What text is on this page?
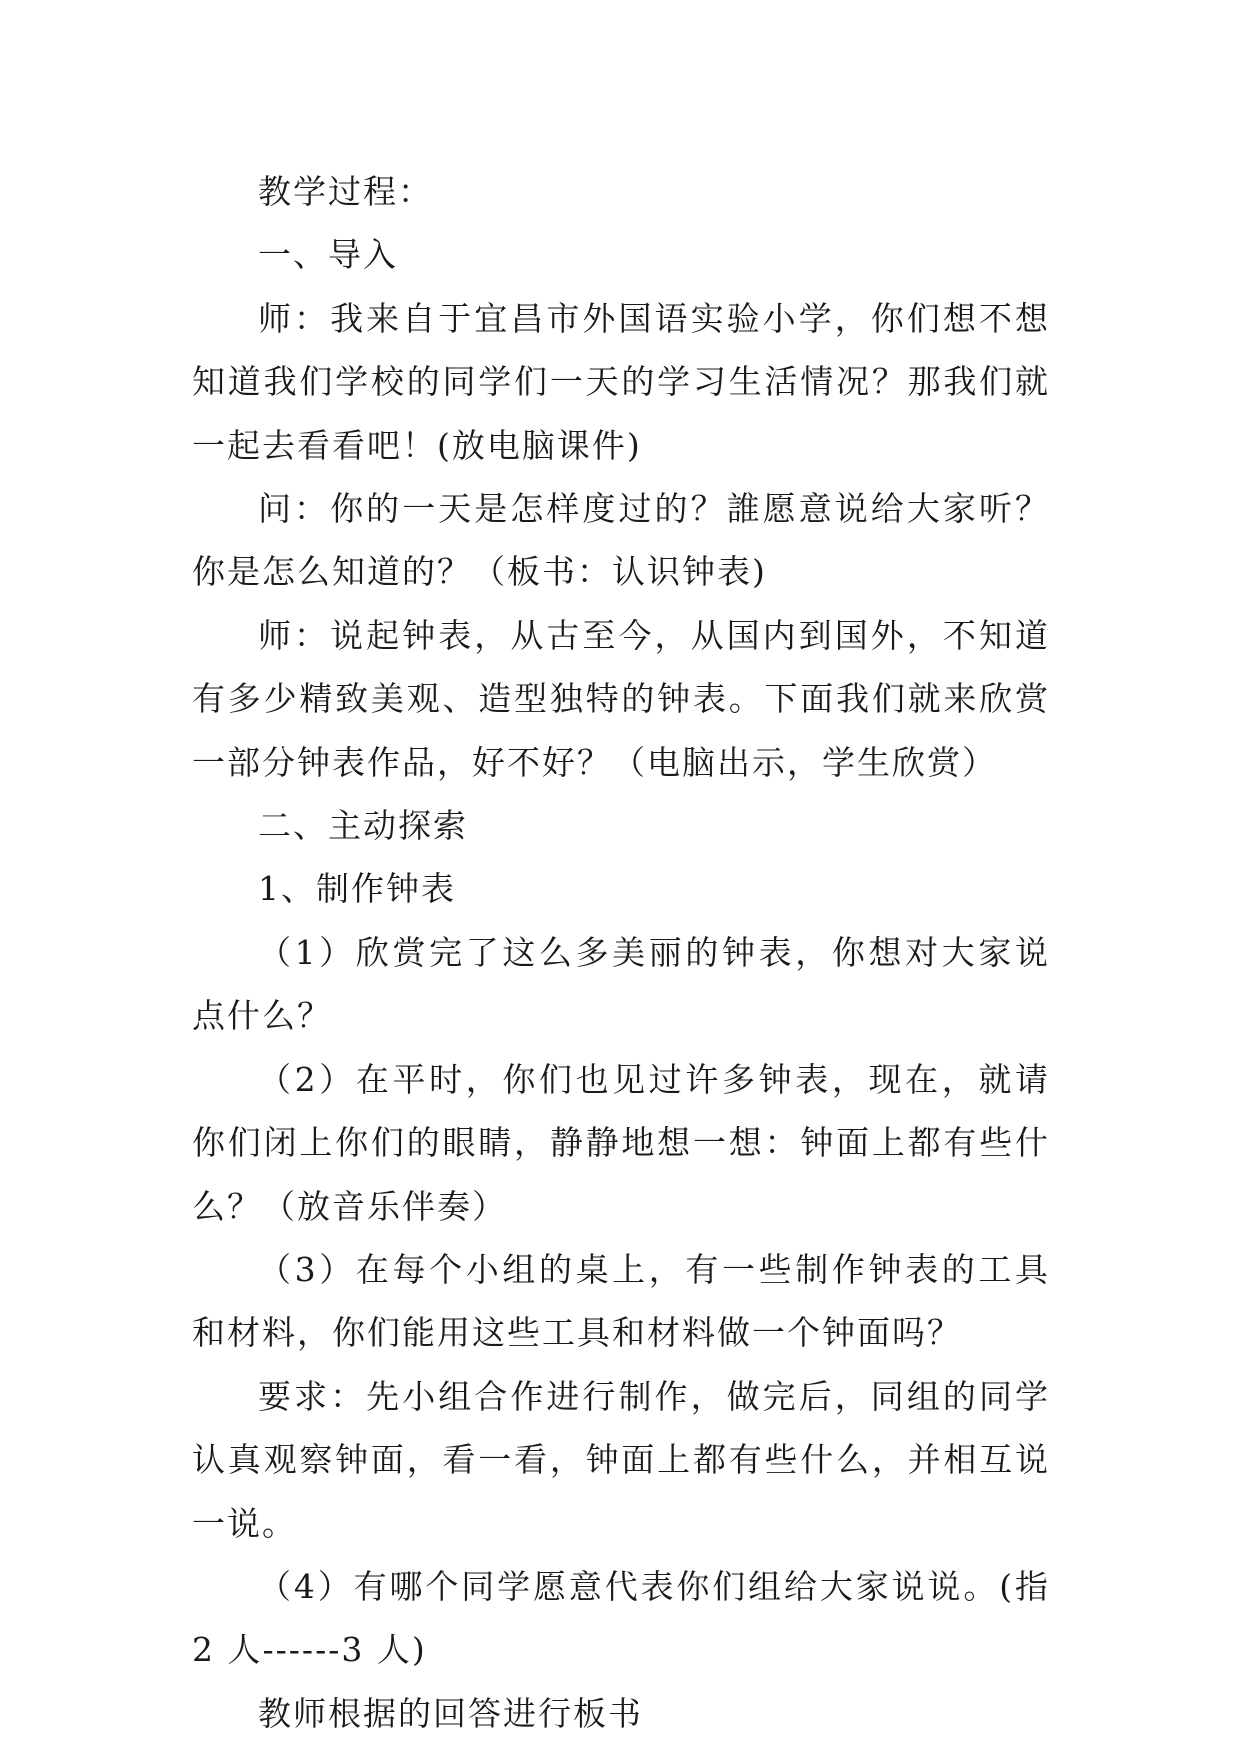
教学过程：

一、导入

师：我来自于宜昌市外国语实验小学，你们想不想知道我们学校的同学们一天的学习生活情况？那我们就一起去看看吧！(放电脑课件)

问：你的一天是怎样度过的？誰愿意说给大家听？你是怎么知道的？（板书：认识钟表)

师：说起钟表，从古至今，从国内到国外，不知道有多少精致美观、造型独特的钟表。下面我们就来欣赏一部分钟表作品，好不好？（电脑出示，学生欣赏）

二、主动探索

1、制作钟表

（1）欣赏完了这么多美丽的钟表，你想对大家说点什么？

（2）在平时，你们也见过许多钟表，现在，就请你们闭上你们的眼睛，静静地想一想：钟面上都有些什么？（放音乐伴奏）

（3）在每个小组的桌上，有一些制作钟表的工具和材料，你们能用这些工具和材料做一个钟面吗？

要求：先小组合作进行制作，做完后，同组的同学认真观察钟面，看一看，钟面上都有些什么，并相互说一说。

（4）有哪个同学愿意代表你们组给大家说说。(指 2 人------3 人)

教师根据的回答进行板书
